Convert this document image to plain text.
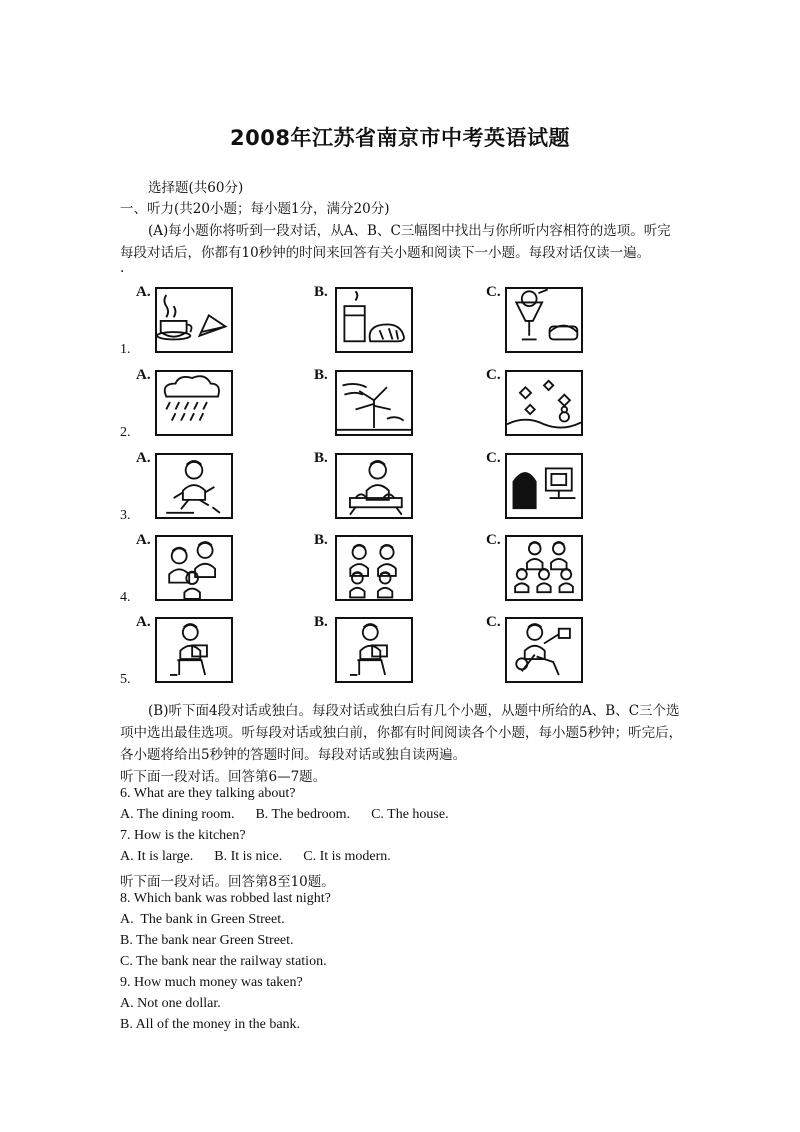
2008年江苏省南京市中考英语试题
选择题(共60分)
一、听力(共20小题；每小题1分，满分20分)
(A)每小题你将听到一段对话，从A、B、C三幅图中找出与你所听内容相符的选项。听完
每段对话后，你都有10秒钟的时间来回答有关小题和阅读下一小题。每段对话仅读一遍。
.
1.
A.	B.	C.
2.
A.	B.	C.
3.
A.	B.	C.
4.
A.	B.	C.
5.
A.	B.	C.
(B)听下面4段对话或独白。每段对话或独白后有几个小题，从题中所给的A、B、C三个选
项中选出最佳选项。听每段对话或独白前，你都有时间阅读各个小题，每小题5秒钟；听完后，
各小题将给出5秒钟的答题时间。每段对话或独自读两遍。
听下面一段对话。回答第6—7题。
6. What are they talking about?
A. The dining room.      B. The bedroom.      C. The house.
7. How is the kitchen?
A. It is large.      B. It is nice.      C. It is modern.
听下面一段对话。回答第8至10题。
8. Which bank was robbed last night?
A.  The bank in Green Street.
B. The bank near Green Street.
C. The bank near the railway station.
9. How much money was taken?
A. Not one dollar.
B. All of the money in the bank.
